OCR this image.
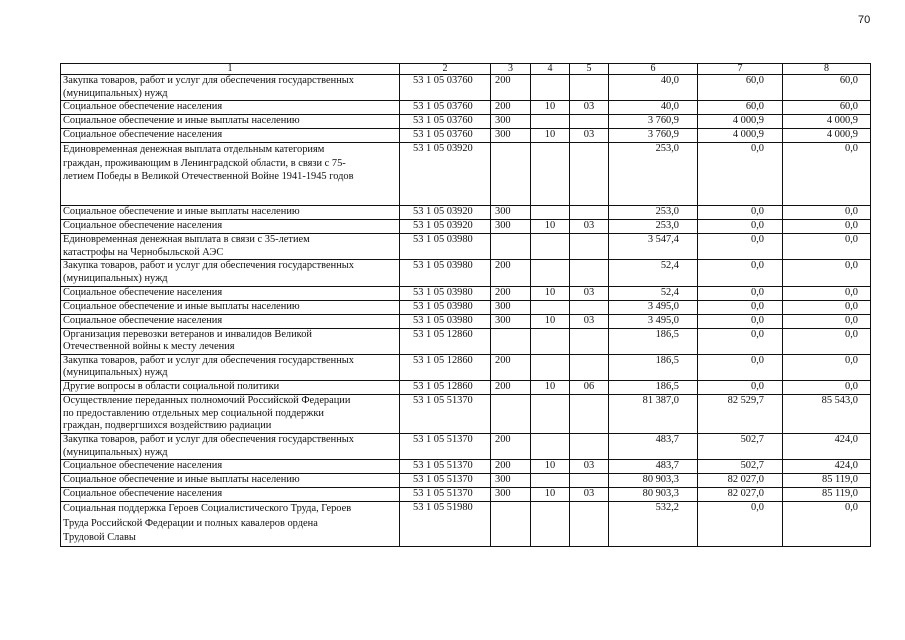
70
1	2	3	4	5	6	7	8
Закупка товаров, работ и услуг для обеспечения государственных
(муниципальных) нужд	53 1 05 03760	200			40,0	60,0	60,0
Социальное обеспечение населения	53 1 05 03760	200	10	03	40,0	60,0	60,0
Социальное обеспечение и иные выплаты населению	53 1 05 03760	300			3 760,9	4 000,9	4 000,9
Социальное обеспечение населения	53 1 05 03760	300	10	03	3 760,9	4 000,9	4 000,9
Единовременная денежная выплата отдельным категориям
граждан, проживающим в Ленинградской области, в связи с 75-
летием Победы в Великой Отечественной Войне 1941-1945 годов	53 1 05 03920				253,0	0,0	0,0
Социальное обеспечение и иные выплаты населению	53 1 05 03920	300			253,0	0,0	0,0
Социальное обеспечение населения	53 1 05 03920	300	10	03	253,0	0,0	0,0
Единовременная денежная выплата в связи с 35-летием
катастрофы на Чернобыльской АЭС	53 1 05 03980				3 547,4	0,0	0,0
Закупка товаров, работ и услуг для обеспечения государственных
(муниципальных) нужд	53 1 05 03980	200			52,4	0,0	0,0
Социальное обеспечение населения	53 1 05 03980	200	10	03	52,4	0,0	0,0
Социальное обеспечение и иные выплаты населению	53 1 05 03980	300			3 495,0	0,0	0,0
Социальное обеспечение населения	53 1 05 03980	300	10	03	3 495,0	0,0	0,0
Организация перевозки ветеранов и инвалидов Великой
Отечественной войны к месту лечения	53 1 05 12860				186,5	0,0	0,0
Закупка товаров, работ и услуг для обеспечения государственных
(муниципальных) нужд	53 1 05 12860	200			186,5	0,0	0,0
Другие вопросы в области социальной политики	53 1 05 12860	200	10	06	186,5	0,0	0,0
Осуществление переданных полномочий Российской Федерации
по предоставлению отдельных мер социальной поддержки
граждан, подвергшихся воздействию радиации	53 1 05 51370				81 387,0	82 529,7	85 543,0
Закупка товаров, работ и услуг для обеспечения государственных
(муниципальных) нужд	53 1 05 51370	200			483,7	502,7	424,0
Социальное обеспечение населения	53 1 05 51370	200	10	03	483,7	502,7	424,0
Социальное обеспечение и иные выплаты населению	53 1 05 51370	300			80 903,3	82 027,0	85 119,0
Социальное обеспечение населения	53 1 05 51370	300	10	03	80 903,3	82 027,0	85 119,0
Социальная поддержка Героев Социалистического Труда, Героев
Труда Российской Федерации и полных кавалеров ордена
Трудовой Славы	53 1 05 51980				532,2	0,0	0,0
